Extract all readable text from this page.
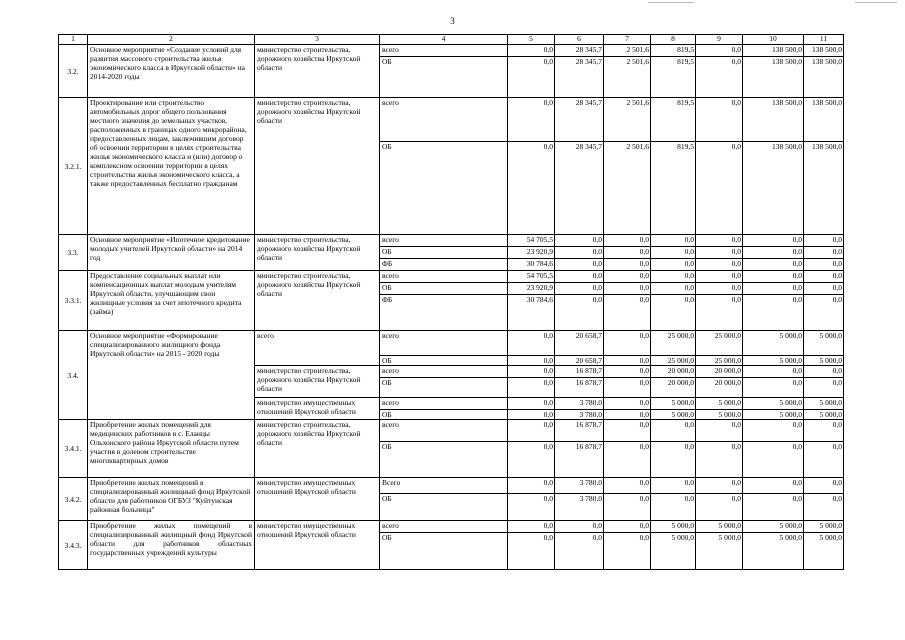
3
1	2	3	4	5	6	7	8	9	10	11
3.2.	Основное мероприятие «Создание условий для развития массового строительства жилья экономического класса в Иркутской области» на 2014-2020 годы	министерство строительства, дорожного хозяйства Иркутской области	всего	0,0	28 345,7	2 501,6	819,5	0,0	138 500,0	138 500,0
			ОБ	0,0	28 345,7	2 501,6	819,5	0,0	138 500,0	138 500,0
3.2.1.	Проектирование или строительство автомобильных дорог общего пользования местного значения до земельных участков, расположенных в границах одного микрорайона, предоставленных лицам, заключившим договор об освоении территории в целях строительства жилья экономического класса и (или) договор о комплексном освоении территории в целях строительства жилья экономического класса, а также предоставленных бесплатно гражданам	министерство строительства, дорожного хозяйства Иркутской области	всего	0,0	28 345,7	2 501,6	819,5	0,0	138 500,0	138 500,0
			ОБ	0,0	28 345,7	2 501,6	819,5	0,0	138 500,0	138 500,0
3.3.	Основное мероприятие «Ипотечное кредитование молодых учителей Иркутской области» на 2014 год	министерство строительства, дорожного хозяйства Иркутской области	всего	54 705,5	0,0	0,0	0,0	0,0	0,0	0,0
			ОБ	23 920,9	0,0	0,0	0,0	0,0	0,0	0,0
			ФБ	30 784,6	0,0	0,0	0,0	0,0	0,0	0,0
3.3.1.	Предоставление социальных выплат или компенсационных выплат молодым учителям Иркутской области, улучшающим свои жилищные условия за счет ипотечного кредита (займа)	министерство строительства, дорожного хозяйства Иркутской области	всего	54 705,5	0,0	0,0	0,0	0,0	0,0	0,0
			ОБ	23 920,9	0,0	0,0	0,0	0,0	0,0	0,0
			ФБ	30 784,6	0,0	0,0	0,0	0,0	0,0	0,0
3.4.	Основное мероприятие «Формирование специализированного жилищного фонда Иркутской области» на 2015 - 2020 годы	всего	всего	0,0	20 658,7	0,0	25 000,0	25 000,0	5 000,0	5 000,0
			ОБ	0,0	20 658,7	0,0	25 000,0	25 000,0	5 000,0	5 000,0
		министерство строительства, дорожного хозяйства Иркутской области	всего	0,0	16 878,7	0,0	20 000,0	20 000,0	0,0	0,0
			ОБ	0,0	16 878,7	0,0	20 000,0	20 000,0	0,0	0,0
		министерство имущественных отношений Иркутской области	всего	0,0	3 780,0	0,0	5 000,0	5 000,0	5 000,0	5 000,0
			ОБ	0,0	3 780,0	0,0	5 000,0	5 000,0	5 000,0	5 000,0
3.4.1.	Приобретение жилых помещений для медицинских работников в с. Еланцы Ольхонского района Иркутской области путем участия в долевом строительстве многоквартирных домов	министерство строительства, дорожного хозяйства Иркутской области	всего	0,0	16 878,7	0,0	0,0	0,0	0,0	0,0
			ОБ	0,0	16 878,7	0,0	0,0	0,0	0,0	0,0
3.4.2.	Приобретение жилых помещений в специализированный жилищный фонд Иркутской области для работников ОГБУЗ "Куйтунская районная больница"	министерство имущественных отношений Иркутской области	Всего	0,0	3 780,0	0,0	0,0	0,0	0,0	0,0
			ОБ	0,0	3 780,0	0,0	0,0	0,0	0,0	0,0
3.4.3.	Приобретение жилых помещений в специализированный жилищный фонд Иркутской области для работников областных государственных учреждений культуры	министерство имущественных отношений Иркутской области	всего	0,0	0,0	0,0	5 000,0	5 000,0	5 000,0	5 000,0
			ОБ	0,0	0,0	0,0	5 000,0	5 000,0	5 000,0	5 000,0
